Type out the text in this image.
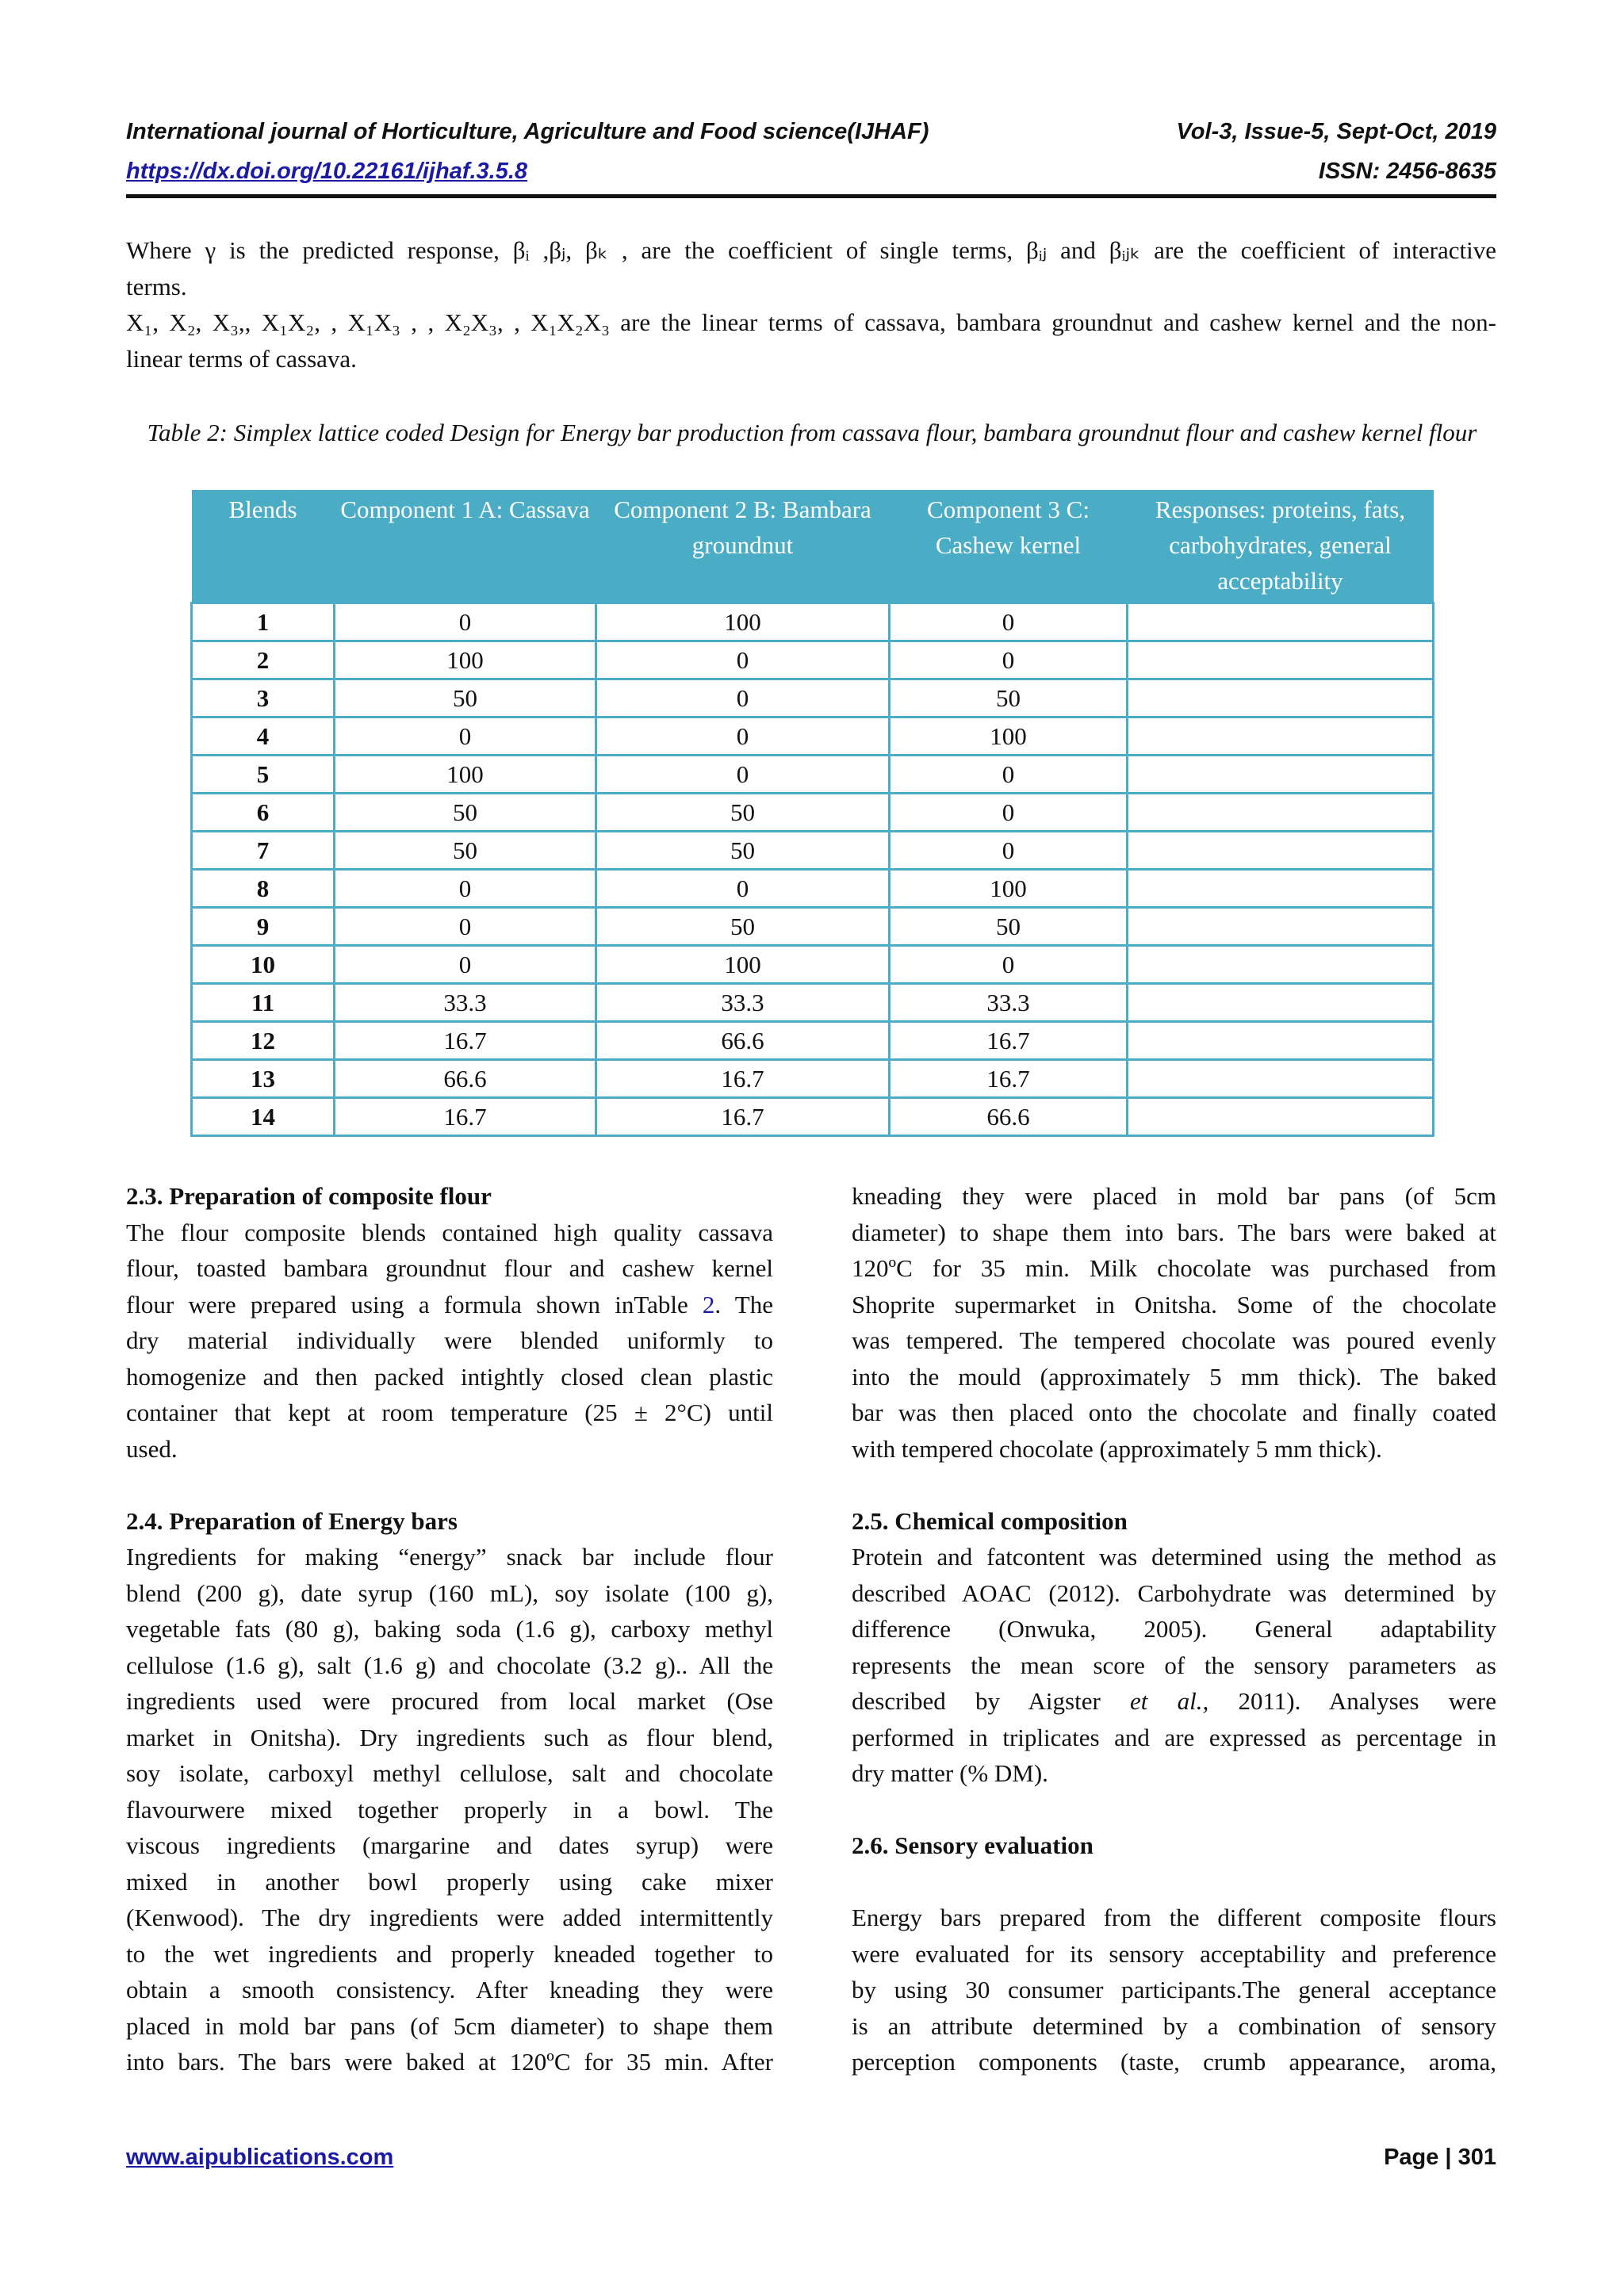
International journal of Horticulture, Agriculture and Food science(IJHAF)	Vol-3, Issue-5, Sept-Oct, 2019
https://dx.doi.org/10.22161/ijhaf.3.5.8	ISSN: 2456-8635
Where γ is the predicted response, βᵢ ,βⱼ, βₖ , are the coefficient of single terms, βᵢⱼ and βᵢⱼₖ are the coefficient of interactive
terms.
X₁, X₂, X₃,, X₁X₂, , X₁X₃ , , X₂X₃, , X₁X₂X₃ are the linear terms of cassava, bambara groundnut and cashew kernel and the non-
linear terms of cassava.
Table 2: Simplex lattice coded Design for Energy bar production from cassava flour, bambara groundnut flour and cashew kernel flour
Blends	Component 1 A: Cassava	Component 2 B: Bambara groundnut	Component 3 C: Cashew kernel	Responses: proteins, fats, carbohydrates, general acceptability
1	0	100	0	
2	100	0	0	
3	50	0	50	
4	0	0	100	
5	100	0	0	
6	50	50	0	
7	50	50	0	
8	0	0	100	
9	0	50	50	
10	0	100	0	
11	33.3	33.3	33.3	
12	16.7	66.6	16.7	
13	66.6	16.7	16.7	
14	16.7	16.7	66.6	
2.3. Preparation of composite flour
The flour composite blends contained high quality cassava
flour, toasted bambara groundnut flour and cashew kernel
flour were prepared using a formula shown inTable 2. The
dry material individually were blended uniformly to
homogenize and then packed intightly closed clean plastic
container that kept at room temperature (25 ± 2°C) until
used.
2.4. Preparation of Energy bars
Ingredients for making “energy” snack bar include flour
blend (200 g), date syrup (160 mL), soy isolate (100 g),
vegetable fats (80 g), baking soda (1.6 g), carboxy methyl
cellulose (1.6 g), salt (1.6 g) and chocolate (3.2 g).. All the
ingredients used were procured from local market (Ose
market in Onitsha). Dry ingredients such as flour blend,
soy isolate, carboxyl methyl cellulose, salt and chocolate
flavourwere mixed together properly in a bowl. The
viscous ingredients (margarine and dates syrup) were
mixed in another bowl properly using cake mixer
(Kenwood). The dry ingredients were added intermittently
to the wet ingredients and properly kneaded together to
obtain a smooth consistency. After kneading they were
placed in mold bar pans (of 5cm diameter) to shape them
into bars. The bars were baked at 120ºC for 35 min. After
kneading they were placed in mold bar pans (of 5cm
diameter) to shape them into bars. The bars were baked at
120ºC for 35 min. Milk chocolate was purchased from
Shoprite supermarket in Onitsha. Some of the chocolate
was tempered. The tempered chocolate was poured evenly
into the mould (approximately 5 mm thick). The baked
bar was then placed onto the chocolate and finally coated
with tempered chocolate (approximately 5 mm thick).
2.5. Chemical composition
Protein and fatcontent was determined using the method as
described AOAC (2012). Carbohydrate was determined by
difference (Onwuka, 2005). General adaptability
represents the mean score of the sensory parameters as
described by Aigster et al., 2011). Analyses were
performed in triplicates and are expressed as percentage in
dry matter (% DM).
2.6. Sensory evaluation
Energy bars prepared from the different composite flours
were evaluated for its sensory acceptability and preference
by using 30 consumer participants.The general acceptance
is an attribute determined by a combination of sensory
perception components (taste, crumb appearance, aroma,
www.aipublications.com	Page | 301
